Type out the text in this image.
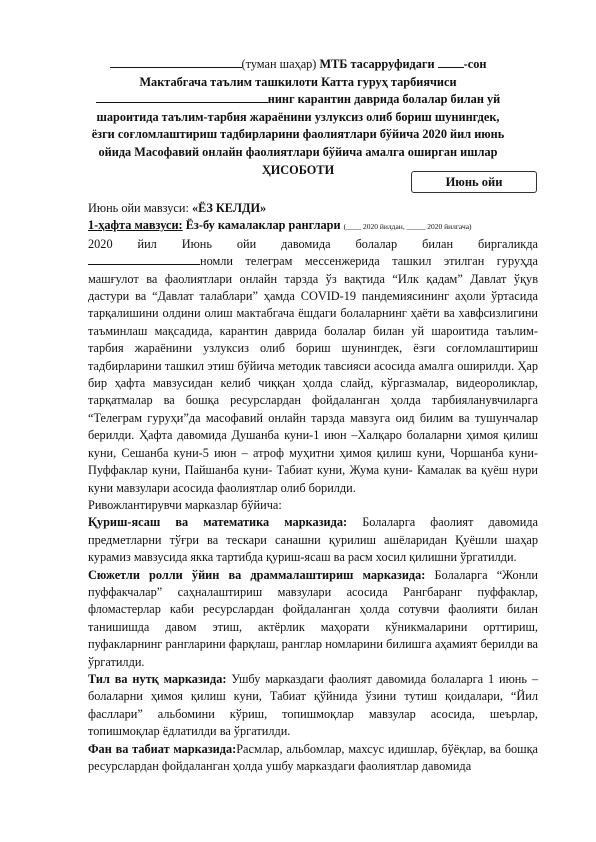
(туман шаҳар) МТБ тасарруфидаги -сон
Мактабгача таълим ташкилоти Катта гуруҳ тарбиячиси
нинг карантин даврида болалар билан уй
шароитида таълим-тарбия жараёнини узлуксиз олиб бориш шунингдек,
ёзги соғломлаштириш тадбирларини фаолиятлари бўйича 2020 йил июнь
ойида Масофавий онлайн фаолиятлари бўйича амалга оширган ишлар
ҲИСОБОТИ
Июнь ойи

Июнь ойи мавзуси: «ЁЗ КЕЛДИ»

1-ҳафта мавзуси: Ёз-бу камалаклар ранглари (____ 2020 йилдан, _____ 2020 йилгача)

2020 йил Июнь ойи давомида болалар билан биргаликда

номли телеграм мессенжерида ташкил этилган гуруҳда машғулот ва фаолиятлари онлайн тарзда ўз вақтида “Илк қадам” Давлат ўқув дастури ва “Давлат талаблари” ҳамда COVID-19 пандемиясининг аҳоли ўртасида тарқалишини олдини олиш мактабгача ёшдаги болаларнинг ҳаёти ва хавфсизлигини таъминлаш мақсадида, карантин даврида болалар билан уй шароитида таълим-тарбия жараёнини узлуксиз олиб бориш шунингдек, ёзги соғломлаштириш тадбирларини ташкил этиш бўйича методик тавсияси асосида амалга оширилди. Ҳар бир ҳафта мавзусидан келиб чиққан ҳолда слайд, кўргазмалар, видеороликлар, тарқатмалар ва бошқа ресурслардан фойдаланган ҳолда тарбияланувчиларга “Телеграм гуруҳи”да масофавий онлайн тарзда мавзуга оид билим ва тушунчалар берилди. Ҳафта давомида Душанба куни-1 июн –Халқаро болаларни ҳимоя қилиш куни, Сешанба куни-5 июн – атроф муҳитни ҳимоя қилиш куни, Чоршанба куни- Пуффаклар куни, Пайшанба куни- Табиат куни, Жума куни- Камалак ва қуёш нури куни мавзулари асосида фаолиятлар олиб борилди.

Ривожлантирувчи марказлар бўйича:

Қуриш-ясаш ва математика марказида: Болаларга фаолият давомида предметларни тўғри ва тескари санашни қурилиш ашёларидан Қуёшли шаҳар курамиз мавзусида якка тартибда қуриш-ясаш ва расм хосил қилишни ўргатилди.

Сюжетли ролли ўйин ва драммалаштириш марказида: Болаларга “Жонли пуффакчалар” саҳналаштириш мавзулари асосида Рангбаранг пуффаклар, фломастерлар каби ресурслардан фойдаланган ҳолда сотувчи фаолияти билан танишишда давом этиш, актёрлик маҳорати кўникмаларини орттириш, пуфакларнинг рангларини фарқлаш, ранглар номларини билишга аҳамият берилди ва ўргатилди.

Тил ва нутқ марказида: Ушбу марказдаги фаолият давомида болаларга 1 июнь –болаларни ҳимоя қилиш куни, Табиат қўйнида ўзини тутиш қоидалари, “Йил фасллари” альбомини кўриш, топишмоқлар мавзулар асосида, шеърлар, топишмоқлар ёдлатилди ва ўргатилди.

Фан ва табиат марказида:Расмлар, альбомлар, махсус идишлар, бўёқлар, ва бошқа ресурслардан фойдаланган ҳолда ушбу марказдаги фаолиятлар давомида
